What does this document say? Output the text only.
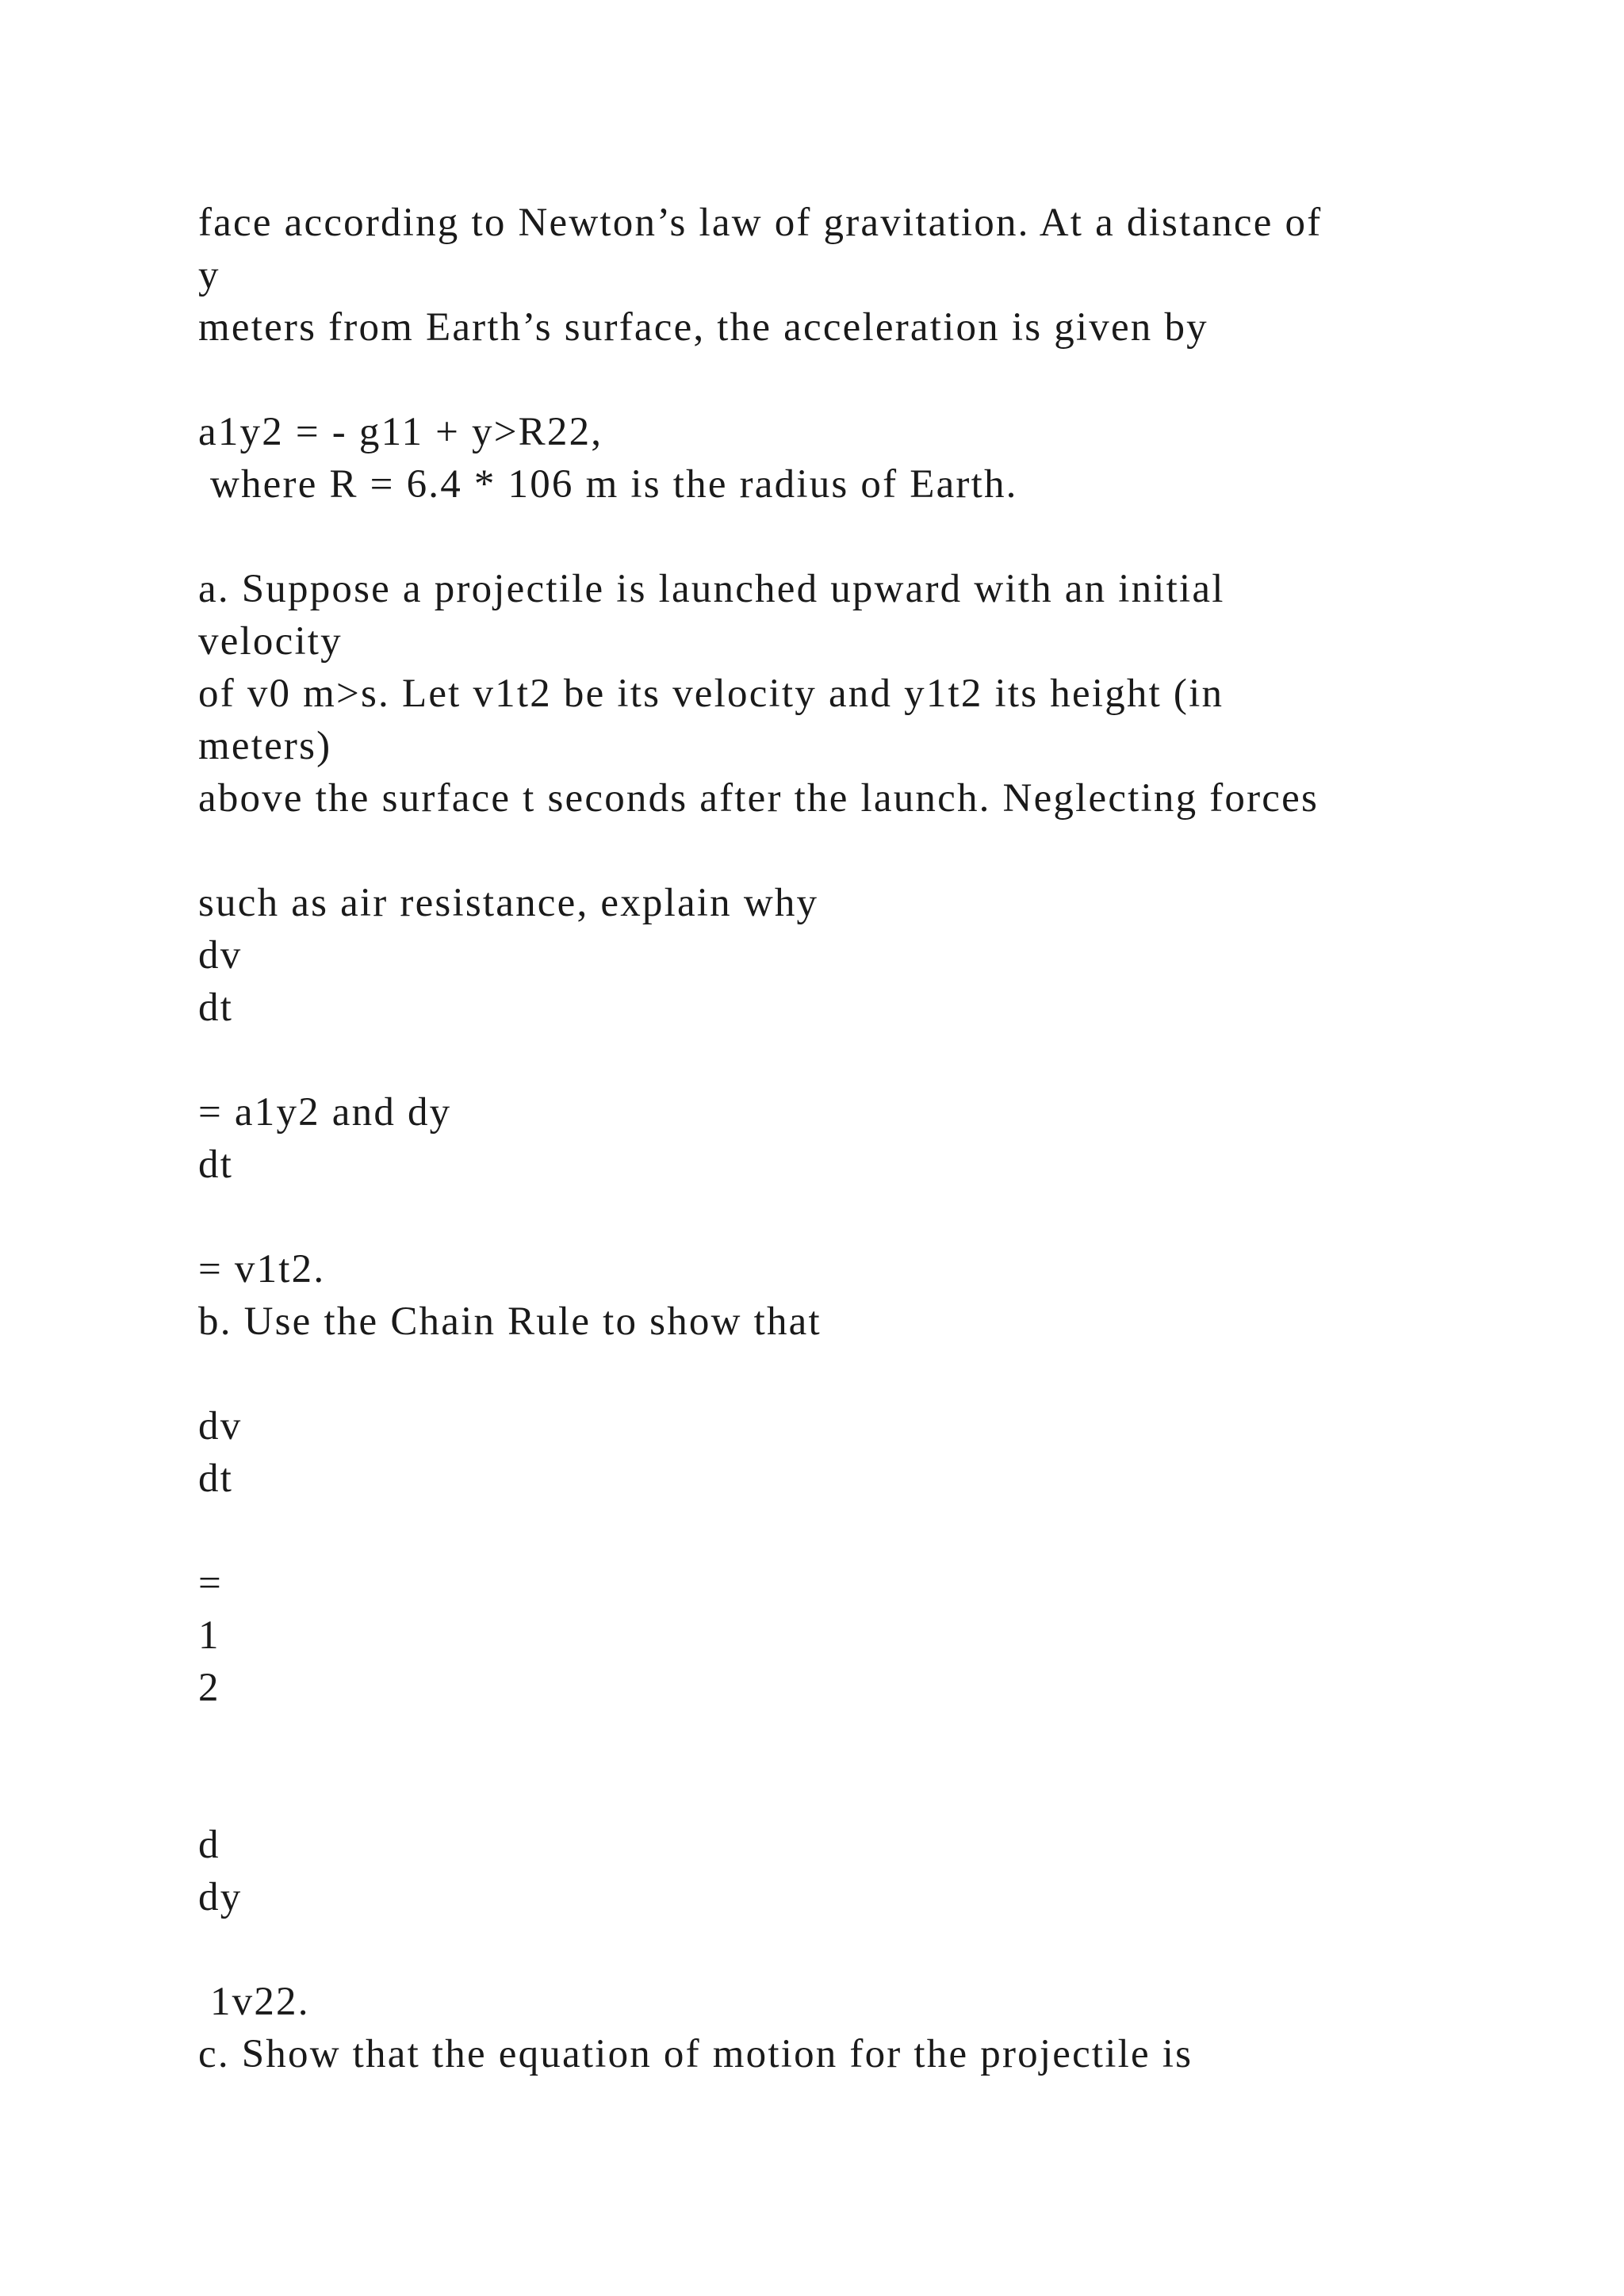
face according to Newton’s law of gravitation. At a distance of
y
meters from Earth’s surface, the acceleration is given by
a1y2 = - g11 + y>R22,
where R = 6.4 * 106 m is the radius of Earth.
a. Suppose a projectile is launched upward with an initial
velocity
of v0 m>s. Let v1t2 be its velocity and y1t2 its height (in
meters)
above the surface t seconds after the launch. Neglecting forces
such as air resistance, explain why
dv
dt
= a1y2 and dy
dt
= v1t2.
b. Use the Chain Rule to show that
dv
dt
=
1
2
d
dy
1v22.
c. Show that the equation of motion for the projectile is
